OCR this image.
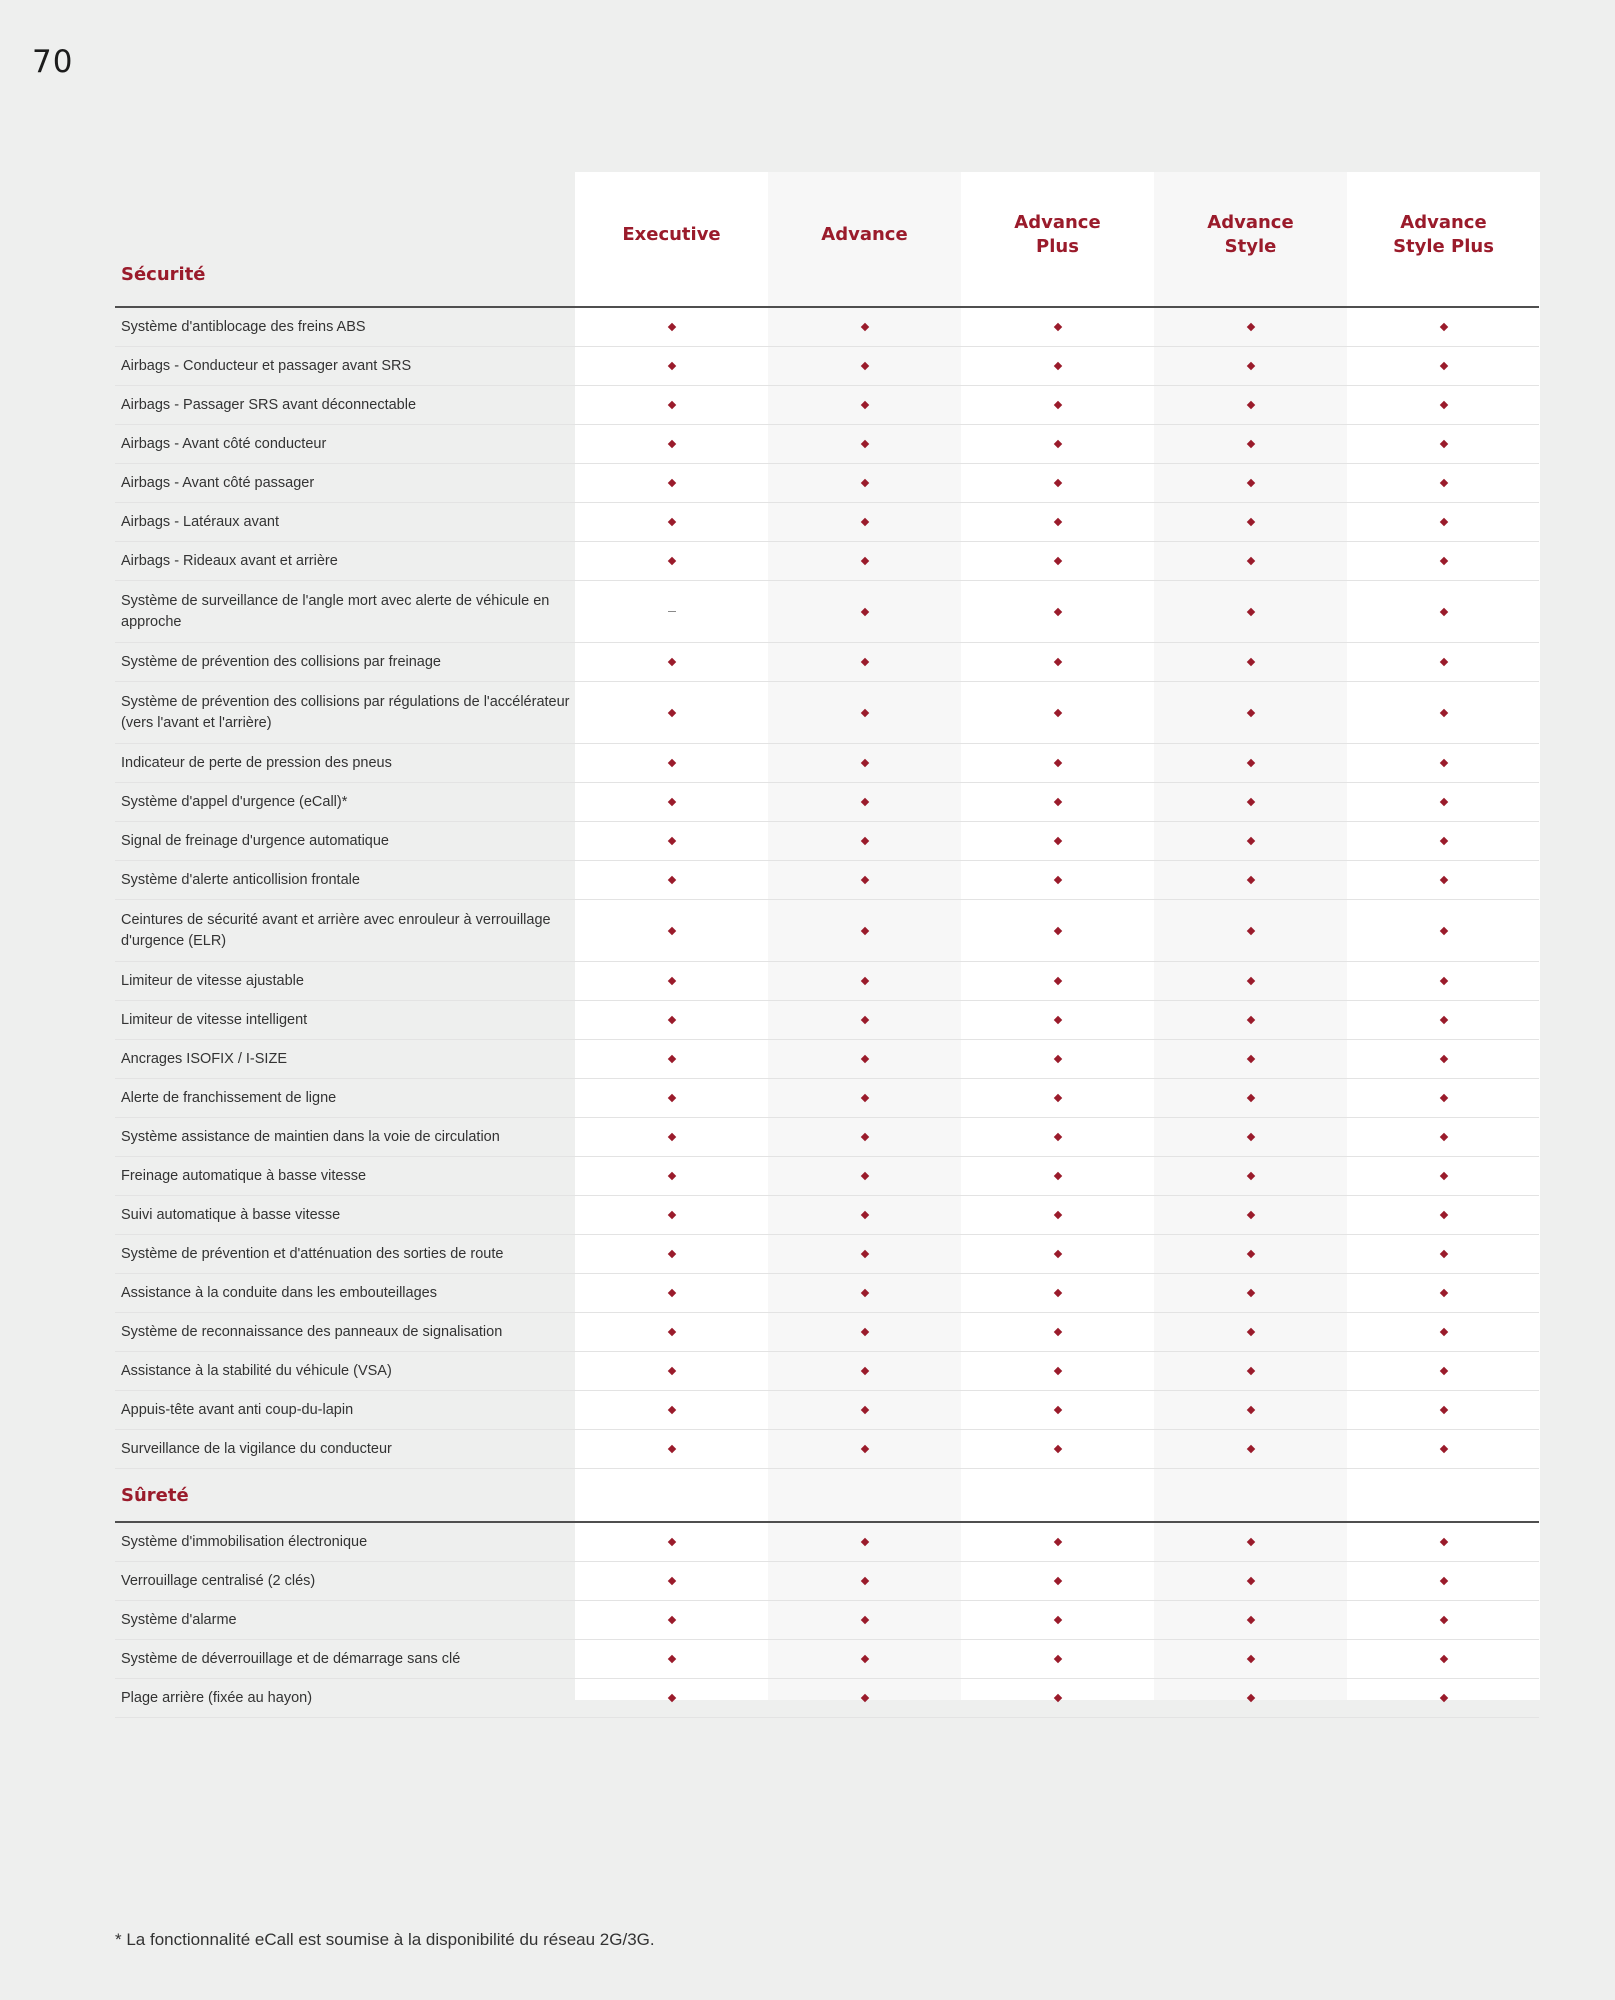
70
Sécurité
Executive	Advance
Advance
Plus
Advance
Style
Advance
Style Plus
Système d'antiblocage des freins ABS
Airbags - Conducteur et passager avant SRS
Airbags - Passager SRS avant déconnectable
Airbags - Avant côté conducteur
Airbags - Avant côté passager
Airbags - Latéraux avant
Airbags - Rideaux avant et arrière
Système de surveillance de l'angle mort avec alerte de véhicule en approche
Système de prévention des collisions par freinage
Système de prévention des collisions par régulations de l'accélérateur (vers l'avant et l'arrière)
Indicateur de perte de pression des pneus
Système d'appel d'urgence (eCall)*
Signal de freinage d'urgence automatique
Système d'alerte anticollision frontale
Ceintures de sécurité avant et arrière avec enrouleur à verrouillage d'urgence (ELR)
Limiteur de vitesse ajustable
Limiteur de vitesse intelligent
Ancrages ISOFIX / I-SIZE
Alerte de franchissement de ligne
Système assistance de maintien dans la voie de circulation
Freinage automatique à basse vitesse
Suivi automatique à basse vitesse
Système de prévention et d'atténuation des sorties de route
Assistance à la conduite dans les embouteillages
Système de reconnaissance des panneaux de signalisation
Assistance à la stabilité du véhicule (VSA)
Appuis-tête avant anti coup-du-lapin
Surveillance de la vigilance du conducteur
Sûreté
Système d'immobilisation électronique
Verrouillage centralisé (2 clés)
Système d'alarme
Système de déverrouillage et de démarrage sans clé
Plage arrière (fixée au hayon)
* La fonctionnalité eCall est soumise à la disponibilité du réseau 2G/3G.
